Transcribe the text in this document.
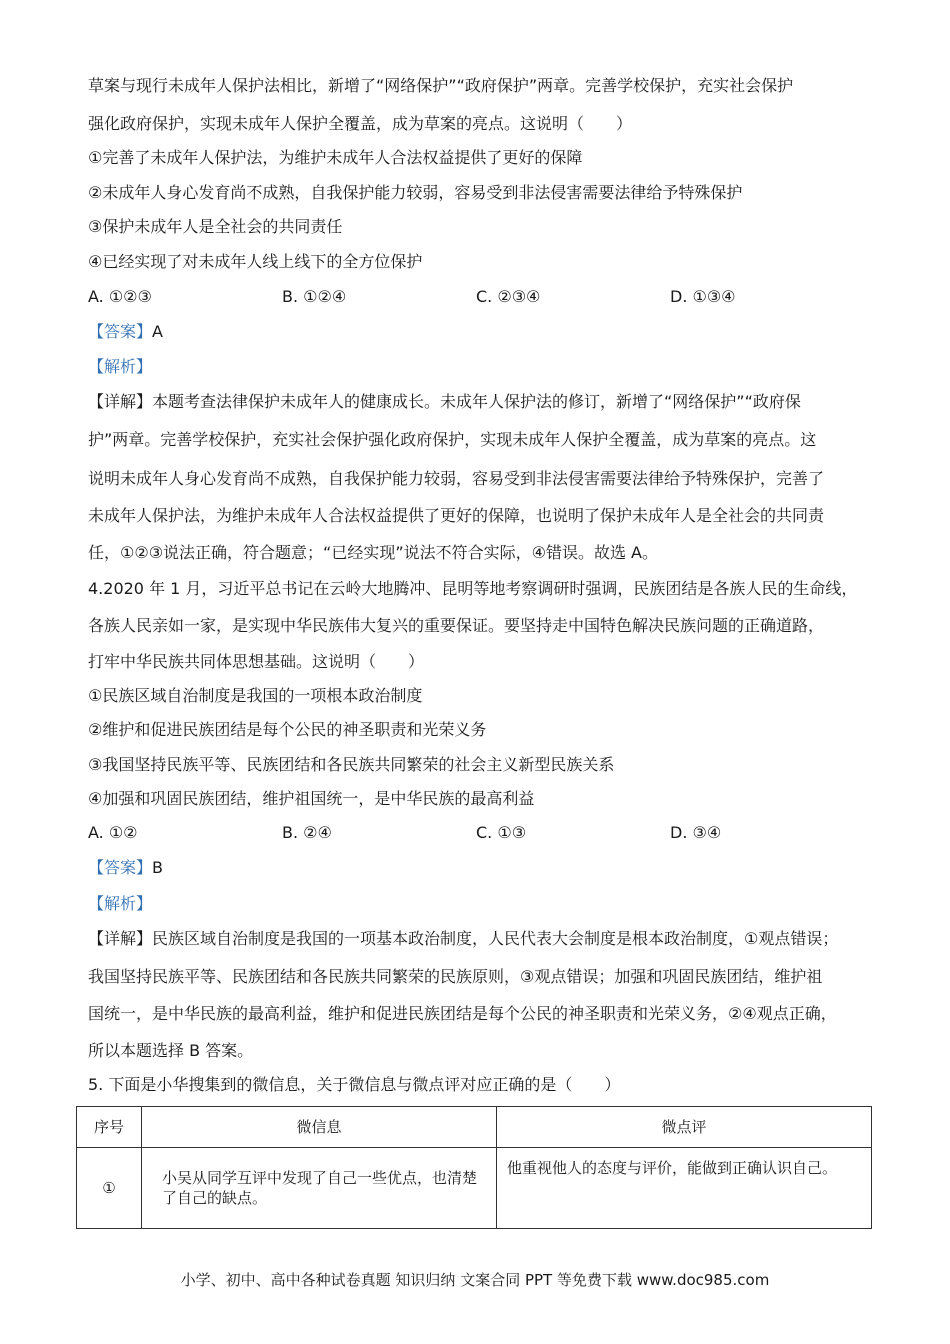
草案与现行未成年人保护法相比，新增了“网络保护”“政府保护”两章。完善学校保护，充实社会保护
强化政府保护，实现未成年人保护全覆盖，成为草案的亮点。这说明（　　）
①完善了未成年人保护法，为维护未成年人合法权益提供了更好的保障
②未成年人身心发育尚不成熟，自我保护能力较弱，容易受到非法侵害需要法律给予特殊保护
③保护未成年人是全社会的共同责任
④已经实现了对未成年人线上线下的全方位保护
A. ①②③	B. ①②④	C. ②③④	D. ①③④
【答案】A
【解析】
【详解】本题考查法律保护未成年人的健康成长。未成年人保护法的修订，新增了“网络保护”“政府保
护”两章。完善学校保护，充实社会保护强化政府保护，实现未成年人保护全覆盖，成为草案的亮点。这
说明未成年人身心发育尚不成熟，自我保护能力较弱，容易受到非法侵害需要法律给予特殊保护，完善了
未成年人保护法，为维护未成年人合法权益提供了更好的保障，也说明了保护未成年人是全社会的共同责
任，①②③说法正确，符合题意；“已经实现”说法不符合实际，④错误。故选 A。
4.2020 年 1 月，习近平总书记在云岭大地腾冲、昆明等地考察调研时强调，民族团结是各族人民的生命线，
各族人民亲如一家，是实现中华民族伟大复兴的重要保证。要坚持走中国特色解决民族问题的正确道路，
打牢中华民族共同体思想基础。这说明（　　）
①民族区域自治制度是我国的一项根本政治制度
②维护和促进民族团结是每个公民的神圣职责和光荣义务
③我国坚持民族平等、民族团结和各民族共同繁荣的社会主义新型民族关系
④加强和巩固民族团结，维护祖国统一，是中华民族的最高利益
A. ①②	B. ②④	C. ①③	D. ③④
【答案】B
【解析】
【详解】民族区域自治制度是我国的一项基本政治制度，人民代表大会制度是根本政治制度，①观点错误；
我国坚持民族平等、民族团结和各民族共同繁荣的民族原则，③观点错误；加强和巩固民族团结，维护祖
国统一，是中华民族的最高利益，维护和促进民族团结是每个公民的神圣职责和光荣义务，②④观点正确，
所以本题选择 B 答案。
5. 下面是小华搜集到的微信息，关于微信息与微点评对应正确的是（　　）
序号	微信息	微点评
①	小吴从同学互评中发现了自己一些优点，也清楚了自己的缺点。	他重视他人的态度与评价，能做到正确认识自己。
小学、初中、高中各种试卷真题 知识归纳 文案合同 PPT 等免费下载 www.doc985.com
